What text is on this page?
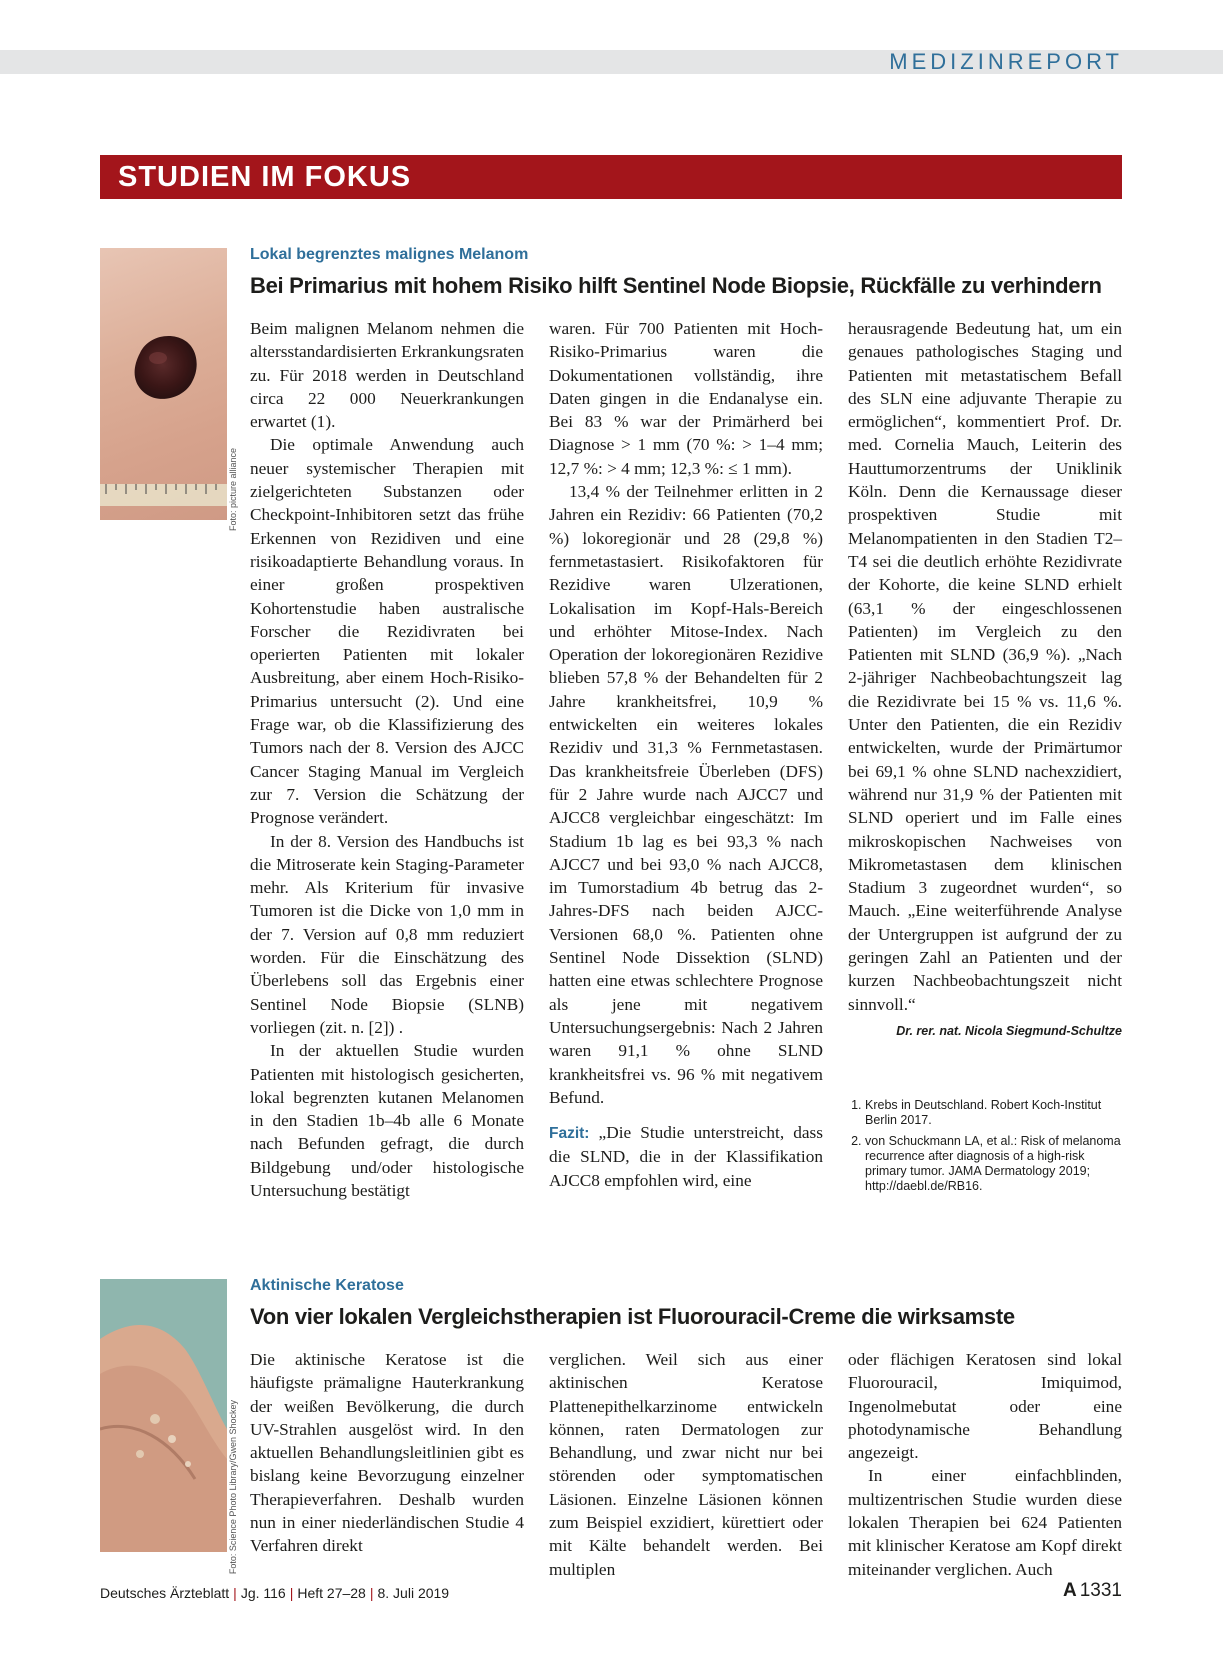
MEDIZINREPORT
STUDIEN IM FOKUS
Foto: picture alliance
Lokal begrenztes malignes Melanom
Bei Primarius mit hohem Risiko hilft Sentinel Node Biopsie, Rückfälle zu verhindern

Beim malignen Melanom nehmen die altersstandardisierten Erkrankungsraten zu. Für 2018 werden in Deutschland circa 22 000 Neuerkrankungen erwartet (1).

Die optimale Anwendung auch neuer systemischer Therapien mit zielgerichteten Substanzen oder Checkpoint-Inhibitoren setzt das frühe Erkennen von Rezidiven und eine risikoadaptierte Behandlung voraus. In einer großen prospektiven Kohortenstudie haben australische Forscher die Rezidivraten bei operierten Patienten mit lokaler Ausbreitung, aber einem Hoch-Risiko-Primarius untersucht (2). Und eine Frage war, ob die Klassifizierung des Tumors nach der 8. Version des AJCC Cancer Staging Manual im Vergleich zur 7. Version die Schätzung der Prognose verändert.

In der 8. Version des Handbuchs ist die Mitroserate kein Staging-Parameter mehr. Als Kriterium für invasive Tumoren ist die Dicke von 1,0 mm in der 7. Version auf 0,8 mm reduziert worden. Für die Einschätzung des Überlebens soll das Ergebnis einer Sentinel Node Biopsie (SLNB) vorliegen (zit. n. [2]) .

In der aktuellen Studie wurden Patienten mit histologisch gesicherten, lokal begrenzten kutanen Melanomen in den Stadien 1b–4b alle 6 Monate nach Befunden gefragt, die durch Bildgebung und/oder histologische Untersuchung bestätigt

waren. Für 700 Patienten mit Hoch-Risiko-Primarius waren die Dokumentationen vollständig, ihre Daten gingen in die Endanalyse ein. Bei 83 % war der Primärherd bei Diagnose > 1 mm (70 %: > 1–4 mm; 12,7 %: > 4 mm; 12,3 %: ≤ 1 mm).

13,4 % der Teilnehmer erlitten in 2 Jahren ein Rezidiv: 66 Patienten (70,2 %) lokoregionär und 28 (29,8 %) fernmetastasiert. Risikofaktoren für Rezidive waren Ulzerationen, Lokalisation im Kopf-Hals-Bereich und erhöhter Mitose-Index. Nach Operation der lokoregionären Rezidive blieben 57,8 % der Behandelten für 2 Jahre krankheitsfrei, 10,9 % entwickelten ein weiteres lokales Rezidiv und 31,3 % Fernmetastasen. Das krankheitsfreie Überleben (DFS) für 2 Jahre wurde nach AJCC7 und AJCC8 vergleichbar eingeschätzt: Im Stadium 1b lag es bei 93,3 % nach AJCC7 und bei 93,0 % nach AJCC8, im Tumorstadium 4b betrug das 2-Jahres-DFS nach beiden AJCC-Versionen 68,0 %. Patienten ohne Sentinel Node Dissektion (SLND) hatten eine etwas schlechtere Prognose als jene mit negativem Untersuchungsergebnis: Nach 2 Jahren waren 91,1 % ohne SLND krankheitsfrei vs. 96 % mit negativem Befund.

Fazit: „Die Studie unterstreicht, dass die SLND, die in der Klassifikation AJCC8 empfohlen wird, eine

herausragende Bedeutung hat, um ein genaues pathologisches Staging und Patienten mit metastatischem Befall des SLN eine adjuvante Therapie zu ermöglichen“, kommentiert Prof. Dr. med. Cornelia Mauch, Leiterin des Hauttumorzentrums der Uniklinik Köln. Denn die Kernaussage dieser prospektiven Studie mit Melanompatienten in den Stadien T2–T4 sei die deutlich erhöhte Rezidivrate der Kohorte, die keine SLND erhielt (63,1 % der eingeschlossenen Patienten) im Vergleich zu den Patienten mit SLND (36,9 %). „Nach 2-jähriger Nachbeobachtungszeit lag die Rezidivrate bei 15 % vs. 11,6 %. Unter den Patienten, die ein Rezidiv entwickelten, wurde der Primärtumor bei 69,1 % ohne SLND nachexzidiert, während nur 31,9 % der Patienten mit SLND operiert und im Falle eines mikroskopischen Nachweises von Mikrometastasen dem klinischen Stadium 3 zugeordnet wurden“, so Mauch. „Eine weiterführende Analyse der Untergruppen ist aufgrund der zu geringen Zahl an Patienten und der kurzen Nachbeobachtungszeit nicht sinnvoll.“

Dr. rer. nat. Nicola Siegmund-Schultze

1. Krebs in Deutschland. Robert Koch-Institut Berlin 2017.
2. von Schuckmann LA, et al.: Risk of melanoma recurrence after diagnosis of a high-risk primary tumor. JAMA Dermatology 2019; http://daebl.de/RB16.
Foto: Science Photo Library/Gwen Shockey
Aktinische Keratose
Von vier lokalen Vergleichstherapien ist Fluorouracil-Creme die wirksamste

Die aktinische Keratose ist die häufigste prämaligne Hauterkrankung der weißen Bevölkerung, die durch UV-Strahlen ausgelöst wird. In den aktuellen Behandlungsleitlinien gibt es bislang keine Bevorzugung einzelner Therapieverfahren. Deshalb wurden nun in einer niederländischen Studie 4 Verfahren direkt

verglichen. Weil sich aus einer aktinischen Keratose Plattenepithelkarzinome entwickeln können, raten Dermatologen zur Behandlung, und zwar nicht nur bei störenden oder symptomatischen Läsionen. Einzelne Läsionen können zum Beispiel exzidiert, kürettiert oder mit Kälte behandelt werden. Bei multiplen

oder flächigen Keratosen sind lokal Fluorouracil, Imiquimod, Ingenolmebutat oder eine photodynamische Behandlung angezeigt.

In einer einfachblinden, multizentrischen Studie wurden diese lokalen Therapien bei 624 Patienten mit klinischer Keratose am Kopf direkt miteinander verglichen. Auch

Deutsches Ärzteblatt | Jg. 116 | Heft 27–28 | 8. Juli 2019	A 1331
